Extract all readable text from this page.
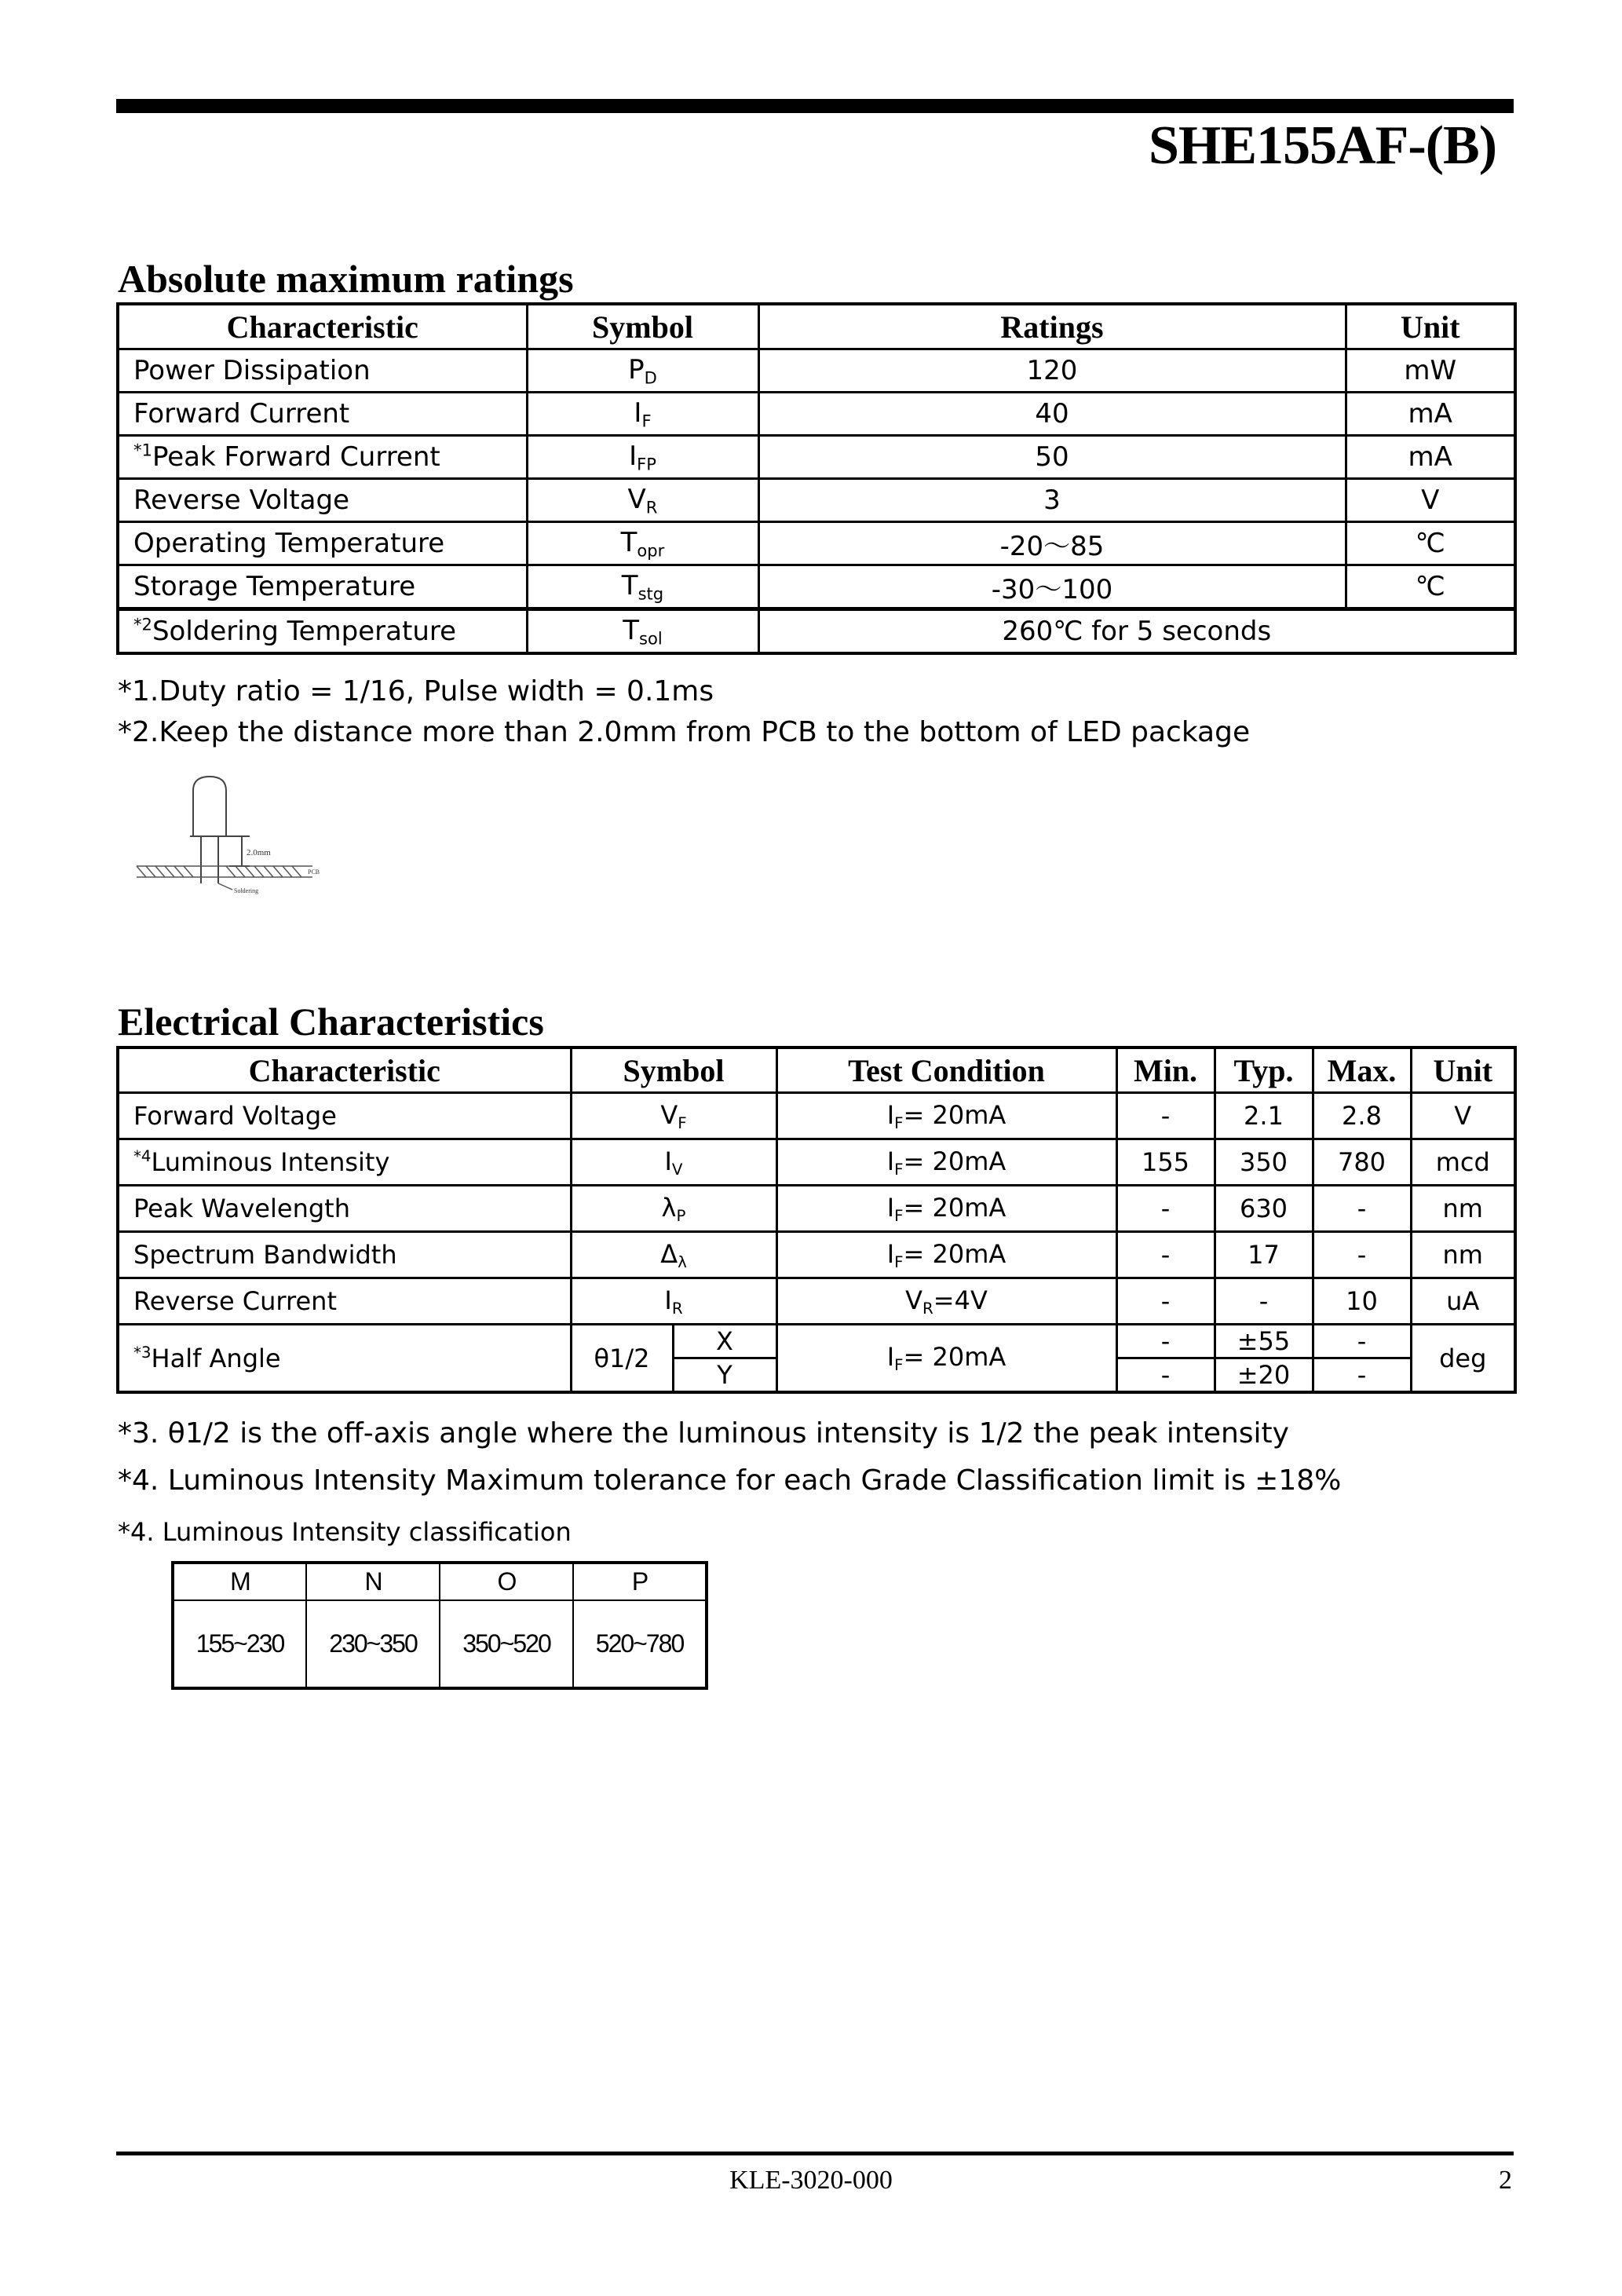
SHE155AF-(B)
Absolute maximum ratings
Characteristic	Symbol	Ratings	Unit
Power Dissipation	$P_D$	120	mW
Forward Current	$I_F$	40	mA
$^{*1}$Peak Forward Current	$I_{FP}$	50	mA
Reverse Voltage	$V_R$	3	V
Operating Temperature	$T_{opr}$	-20～85	℃
Storage Temperature	$T_{stg}$	-30～100	℃
$^{*2}$Soldering Temperature	$T_{sol}$	260℃ for 5 seconds	
*1.Duty ratio = 1/16, Pulse width = 0.1ms
*2.Keep the distance more than 2.0mm from PCB to the bottom of LED package
2.0mm
PCB
Soldering
Electrical Characteristics
Characteristic	Symbol		Test Condition	Min.	Typ.	Max.	Unit
Forward Voltage	$V_F$		$I_F= 20mA$	-	2.1	2.8	V
$^{*4}$Luminous Intensity	$I_V$		$I_F= 20mA$	155	350	780	mcd
Peak Wavelength	$\lambda_P$		$I_F= 20mA$	-	630	-	nm
Spectrum Bandwidth	$\Delta_\lambda$		$I_F= 20mA$	-	17	-	nm
Reverse Current	$I_R$		$V_R=4V$	-	-	10	uA
$^{*3}$Half Angle	θ1/2	X	$I_F= 20mA$	-	±55	-	deg
		Y		-	±20	-	
*3. θ1/2 is the off-axis angle where the luminous intensity is 1/2 the peak intensity
*4. Luminous Intensity Maximum tolerance for each Grade Classification limit is ±18%
*4. Luminous Intensity classification
M	N	O	P
155~230	230~350	350~520	520~780
KLE-3020-000	2
